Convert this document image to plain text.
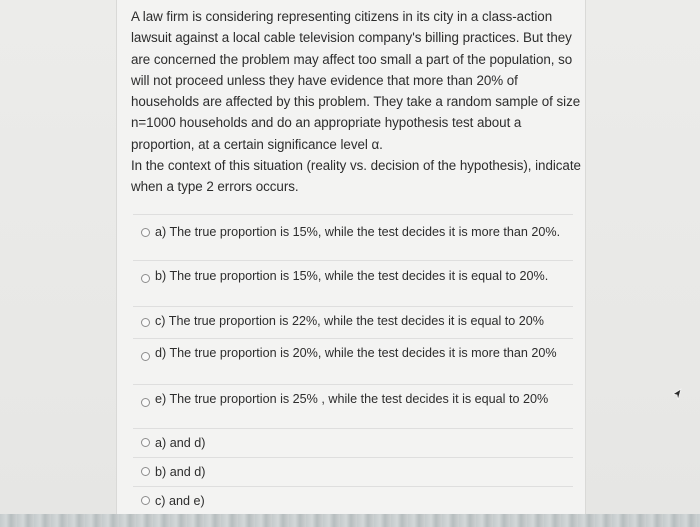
A law firm is considering representing citizens in its city in a class-action lawsuit against a local cable television company's billing practices. But they are concerned the problem may affect too small a part of the population, so will not proceed unless they have evidence that more than 20% of households are affected by this problem. They take a random sample of size n=1000 households and do an appropriate hypothesis test about a proportion, at a certain significance level α.

In the context of this situation (reality vs. decision of the hypothesis), indicate when a type 2 errors occurs.

a) The true proportion is 15%, while the test decides it is more than 20%.
b) The true proportion is 15%, while the test decides it is equal to 20%.
c) The true proportion is 22%, while the test decides it is equal to 20%
d) The true proportion is 20%, while the test decides it is more than 20%
e) The true proportion is 25% , while the test decides it is equal to 20%
a) and d)
b) and d)
c) and e)
